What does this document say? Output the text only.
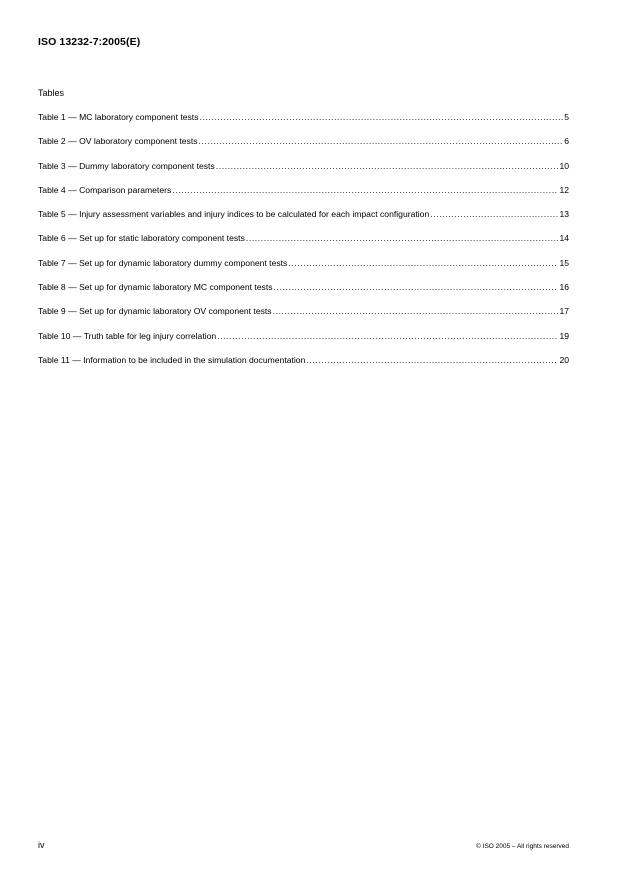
ISO 13232-7:2005(E)
Tables
Table 1 — MC laboratory component tests .....	5
Table 2 — OV laboratory component tests .....	6
Table 3 — Dummy laboratory component tests .....	10
Table 4 — Comparison parameters .....	12
Table 5 — Injury assessment variables and injury indices to be calculated for each impact configuration .....	13
Table 6 — Set up for static laboratory component tests .....	14
Table 7 — Set up for dynamic laboratory dummy component tests .....	15
Table 8 — Set up for dynamic laboratory MC component tests .....	16
Table 9 — Set up for dynamic laboratory OV component tests .....	17
Table 10 — Truth table for leg injury correlation .....	19
Table 11 — Information to be included in the simulation documentation .....	20
iv	© ISO 2005 – All rights reserved
